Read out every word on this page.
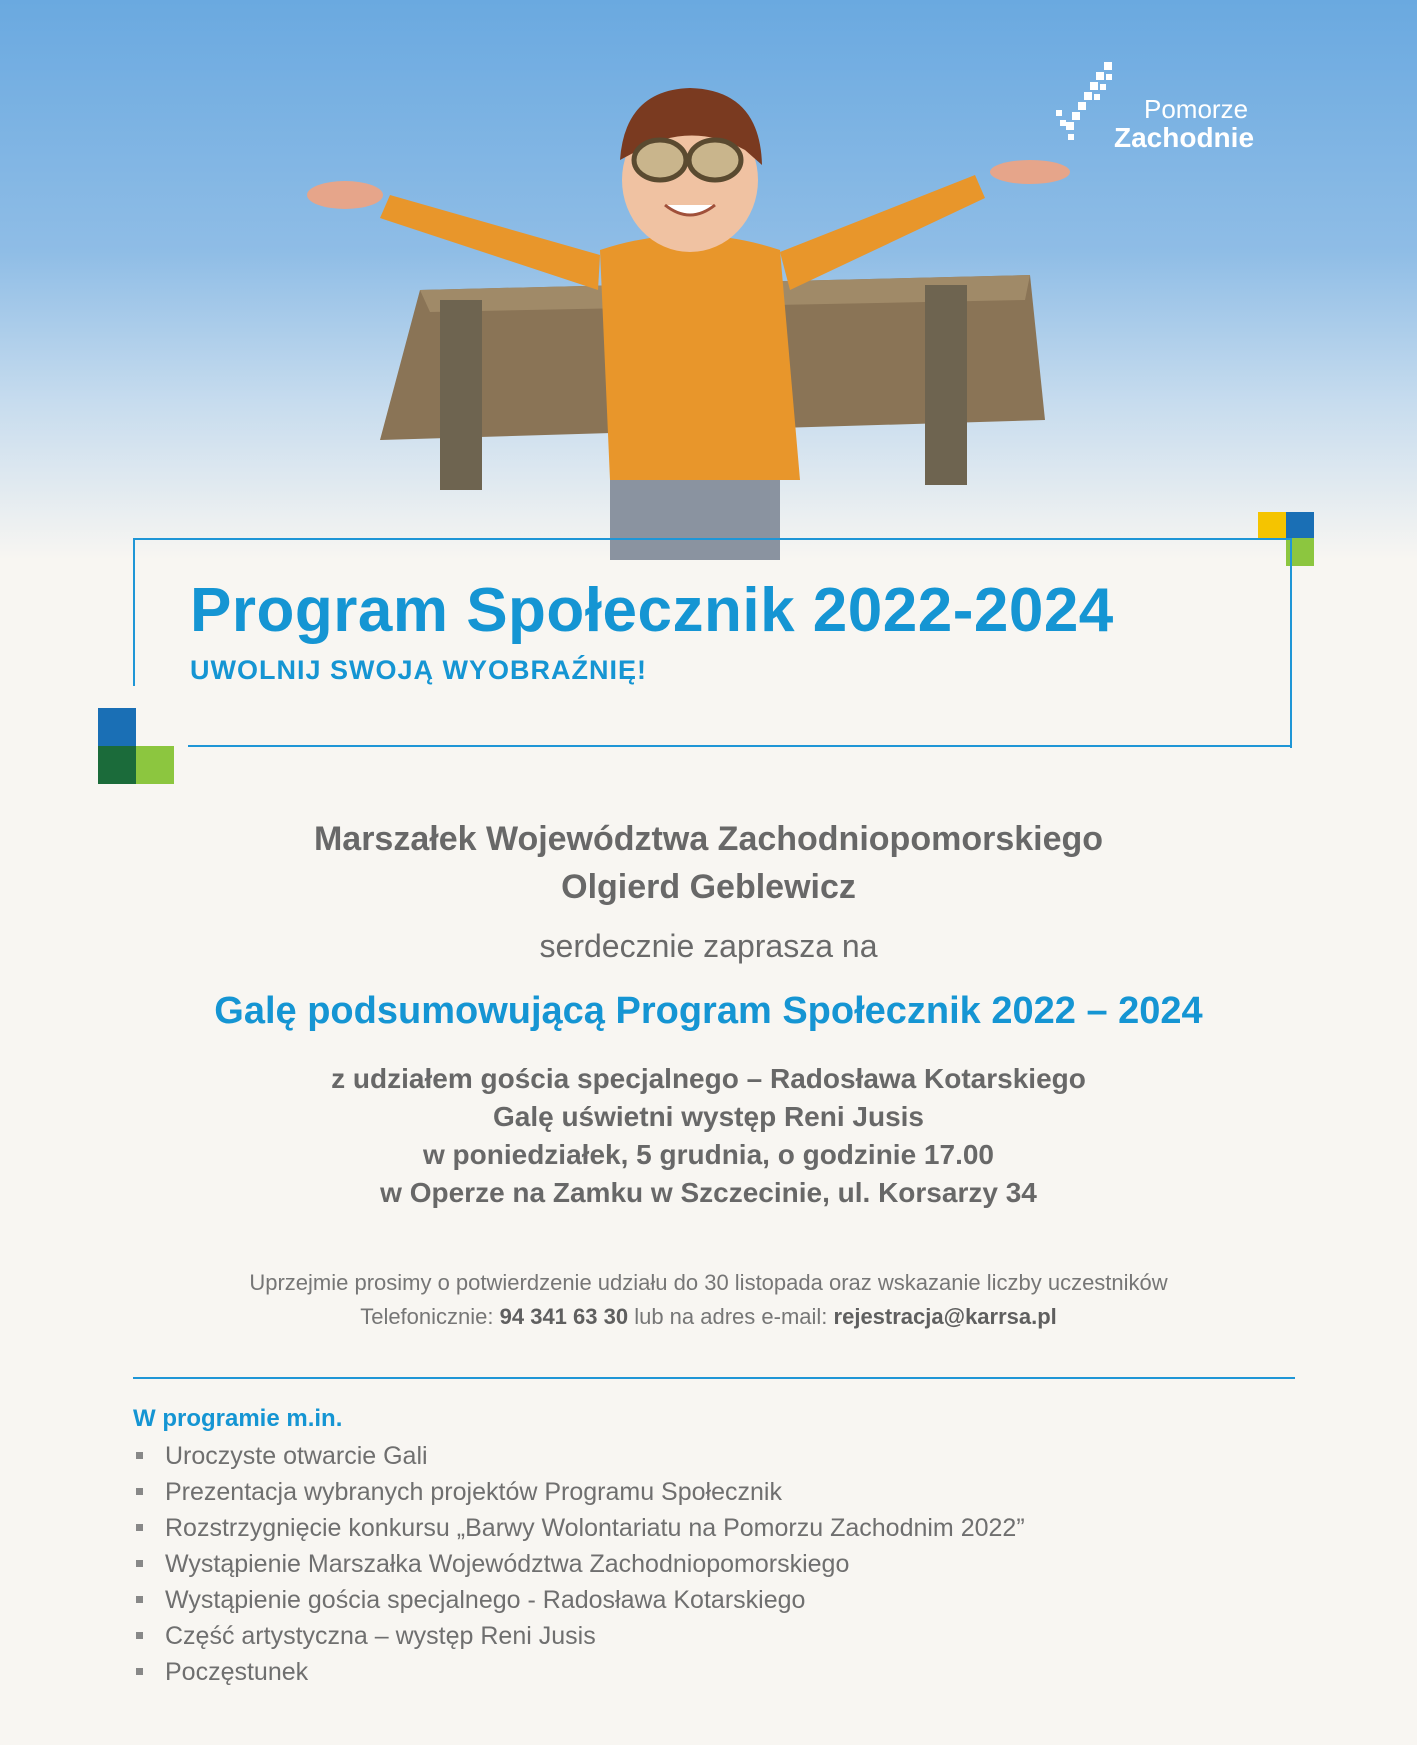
Pomorze
Zachodnie
Program Społecznik 2022-2024
UWOLNIJ SWOJĄ WYOBRAŹNIĘ!
Marszałek Województwa Zachodniopomorskiego
Olgierd Geblewicz
serdecznie zaprasza na
Galę podsumowującą Program Społecznik 2022 – 2024
z udziałem gościa specjalnego – Radosława Kotarskiego
Galę uświetni występ Reni Jusis
w poniedziałek, 5 grudnia, o godzinie 17.00
w Operze na Zamku w Szczecinie, ul. Korsarzy 34
Uprzejmie prosimy o potwierdzenie udziału do 30 listopada oraz wskazanie liczby uczestników
Telefonicznie: 94 341 63 30 lub na adres e-mail: rejestracja@karrsa.pl
W programie m.in.
Uroczyste otwarcie Gali
Prezentacja wybranych projektów Programu Społecznik
Rozstrzygnięcie konkursu „Barwy Wolontariatu na Pomorzu Zachodnim 2022”
Wystąpienie Marszałka Województwa Zachodniopomorskiego
Wystąpienie gościa specjalnego - Radosława Kotarskiego
Część artystyczna – występ Reni Jusis
Poczęstunek
